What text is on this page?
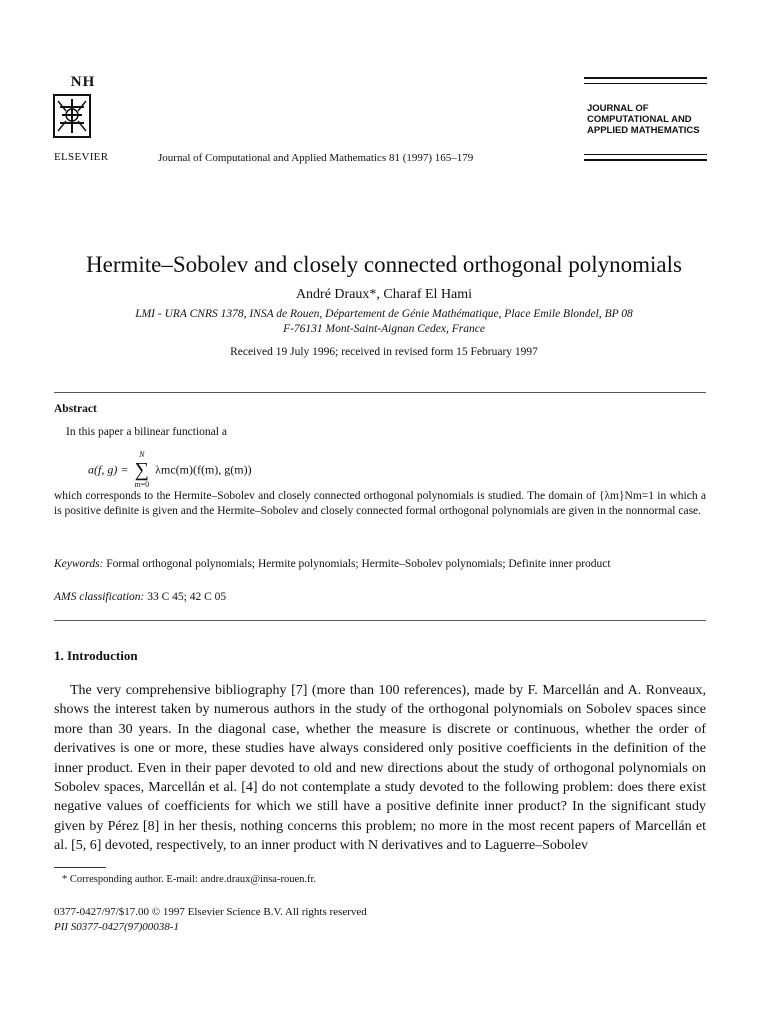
NH
ELSEVIER	Journal of Computational and Applied Mathematics 81 (1997) 165–179
JOURNAL OF
COMPUTATIONAL AND
APPLIED MATHEMATICS
Hermite–Sobolev and closely connected orthogonal polynomials
André Draux*, Charaf El Hami
LMI - URA CNRS 1378, INSA de Rouen, Département de Génie Mathématique, Place Emile Blondel, BP 08
F-76131 Mont-Saint-Aignan Cedex, France
Received 19 July 1996; received in revised form 15 February 1997
Abstract
In this paper a bilinear functional a
a(f, g) =
N
∑
m=0
λmc(m)(f(m), g(m))
which corresponds to the Hermite–Sobolev and closely connected orthogonal polynomials is studied. The domain of {λm}Nm=1 in which a is positive definite is given and the Hermite–Sobolev and closely connected formal orthogonal polynomials are given in the nonnormal case.
Keywords: Formal orthogonal polynomials; Hermite polynomials; Hermite–Sobolev polynomials; Definite inner product
AMS classification: 33 C 45; 42 C 05
1. Introduction

The very comprehensive bibliography [7] (more than 100 references), made by F. Marcellán and A. Ronveaux, shows the interest taken by numerous authors in the study of the orthogonal polynomials on Sobolev spaces since more than 30 years. In the diagonal case, whether the measure is discrete or continuous, whether the order of derivatives is one or more, these studies have always considered only positive coefficients in the definition of the inner product. Even in their paper devoted to old and new directions about the study of orthogonal polynomials on Sobolev spaces, Marcellán et al. [4] do not contemplate a study devoted to the following problem: does there exist negative values of coefficients for which we still have a positive definite inner product? In the significant study given by Pérez [8] in her thesis, nothing concerns this problem; no more in the most recent papers of Marcellán et al. [5, 6] devoted, respectively, to an inner product with N derivatives and to Laguerre–Sobolev

* Corresponding author. E-mail: andre.draux@insa-rouen.fr.
0377-0427/97/$17.00 © 1997 Elsevier Science B.V. All rights reserved
PII S0377-0427(97)00038-1
